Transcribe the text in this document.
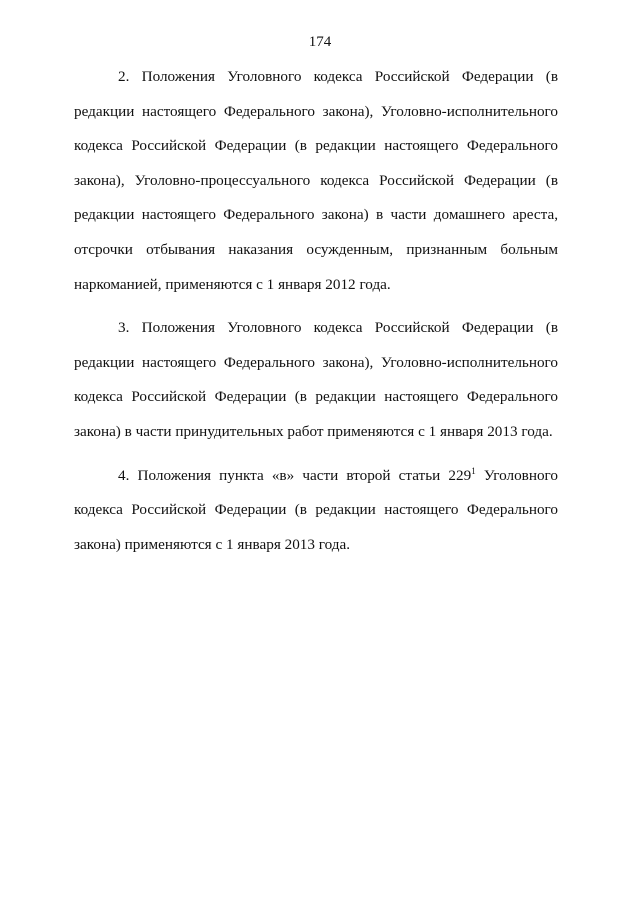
174

2. Положения Уголовного кодекса Российской Федерации (в редакции настоящего Федерального закона), Уголовно-исполнительного кодекса Российской Федерации (в редакции настоящего Федерального закона), Уголовно-процессуального кодекса Российской Федерации (в редакции настоящего Федерального закона) в части домашнего ареста, отсрочки отбывания наказания осужденным, признанным больным наркоманией, применяются с 1 января 2012 года.

3. Положения Уголовного кодекса Российской Федерации (в редакции настоящего Федерального закона), Уголовно-исполнительного кодекса Российской Федерации (в редакции настоящего Федерального закона) в части принудительных работ применяются с 1 января 2013 года.

4. Положения пункта «в» части второй статьи $229^1$ Уголовного кодекса Российской Федерации (в редакции настоящего Федерального закона) применяются с 1 января 2013 года.
